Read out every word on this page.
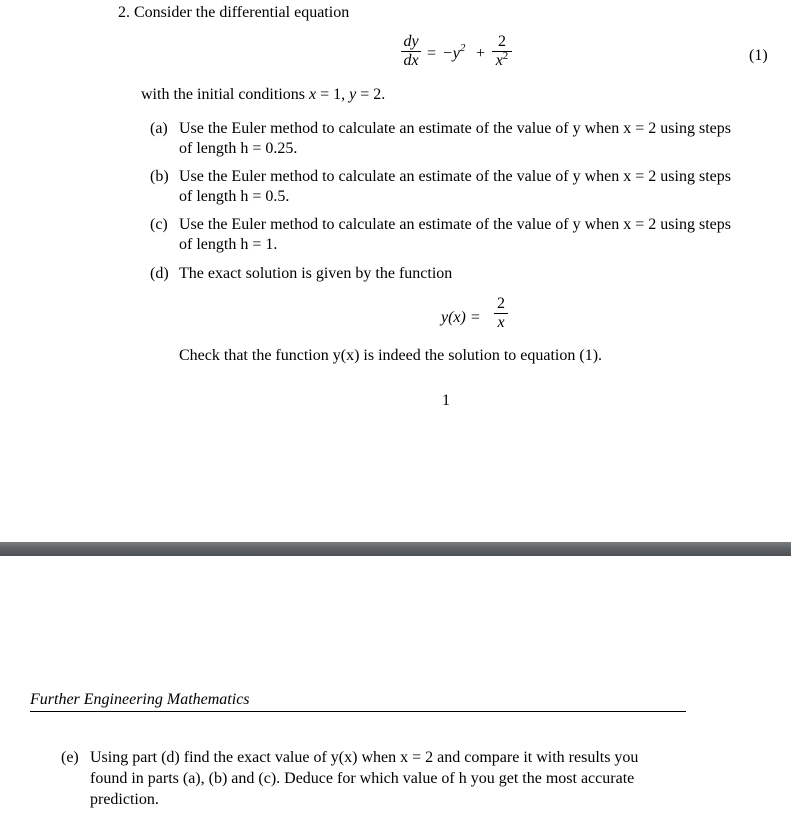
2. Consider the differential equation
dy
dx = $-y^2$ +
2
$x^2$	(1)
with the initial conditions x = 1, y = 2.
(a) Use the Euler method to calculate an estimate of the value of y when x = 2 using steps
of length h = 0.25.
(b) Use the Euler method to calculate an estimate of the value of y when x = 2 using steps
of length h = 0.5.
(c) Use the Euler method to calculate an estimate of the value of y when x = 2 using steps
of length h = 1.
(d) The exact solution is given by the function
y(x) =
2
x
Check that the function y(x) is indeed the solution to equation (1).
1
Further Engineering Mathematics
(e) Using part (d) find the exact value of y(x) when x = 2 and compare it with results you
found in parts (a), (b) and (c). Deduce for which value of h you get the most accurate
prediction.
